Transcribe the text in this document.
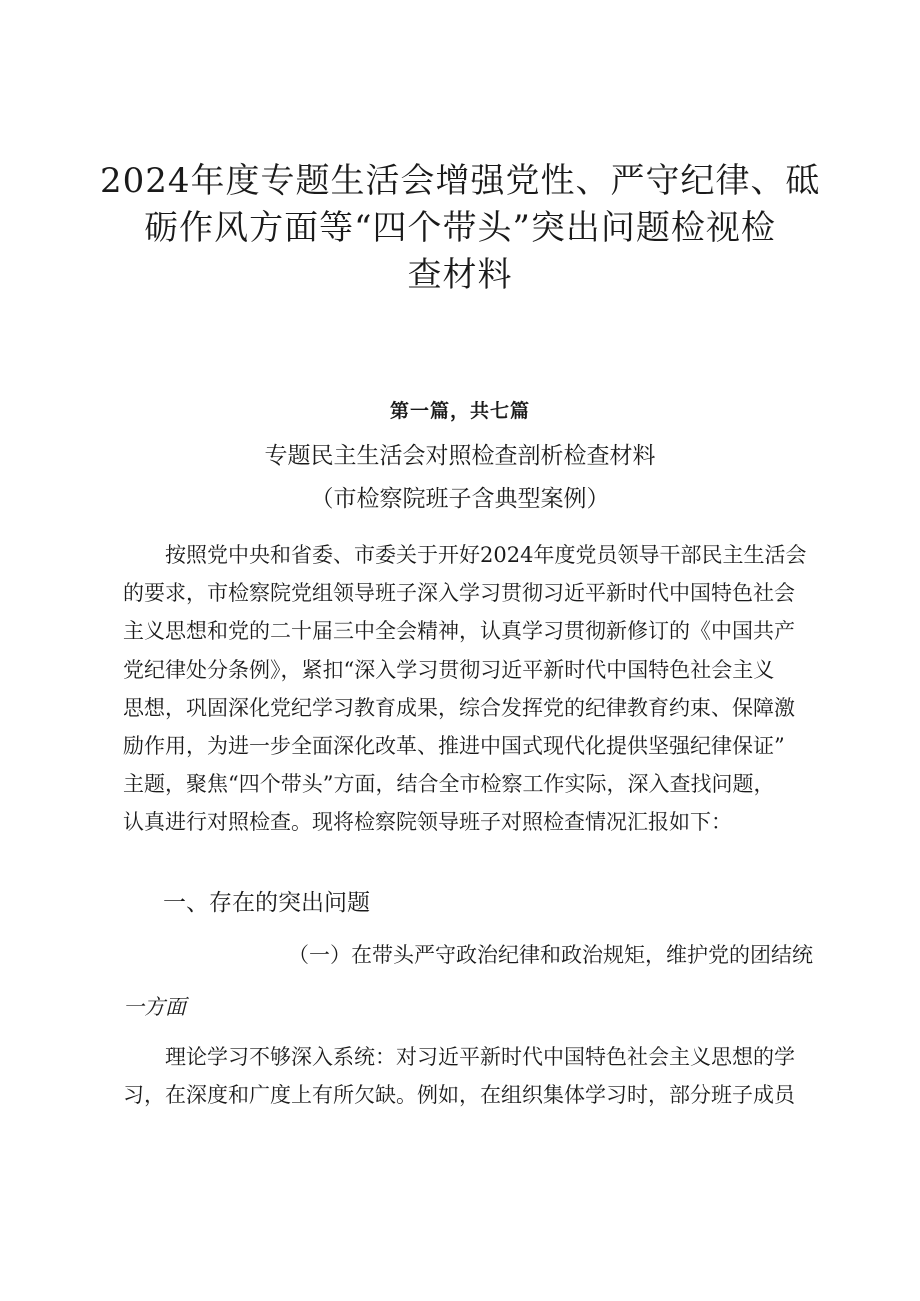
2024年度专题生活会增强党性、严守纪律、砥
砺作风方面等“四个带头”突出问题检视检
查材料
第一篇，共七篇
专题民主生活会对照检查剖析检查材料
（市检察院班子含典型案例）
按照党中央和省委、市委关于开好2024年度党员领导干部民主生活会
的要求，市检察院党组领导班子深入学习贯彻习近平新时代中国特色社会
主义思想和党的二十届三中全会精神，认真学习贯彻新修订的《中国共产
党纪律处分条例》，紧扣“深入学习贯彻习近平新时代中国特色社会主义
思想，巩固深化党纪学习教育成果，综合发挥党的纪律教育约束、保障激
励作用，为进一步全面深化改革、推进中国式现代化提供坚强纪律保证”
主题，聚焦“四个带头”方面，结合全市检察工作实际，深入查找问题，
认真进行对照检查。现将检察院领导班子对照检查情况汇报如下：
一、存在的突出问题
（一）在带头严守政治纪律和政治规矩，维护党的团结统
一方面
理论学习不够深入系统：对习近平新时代中国特色社会主义思想的学
习，在深度和广度上有所欠缺。例如，在组织集体学习时，部分班子成员
